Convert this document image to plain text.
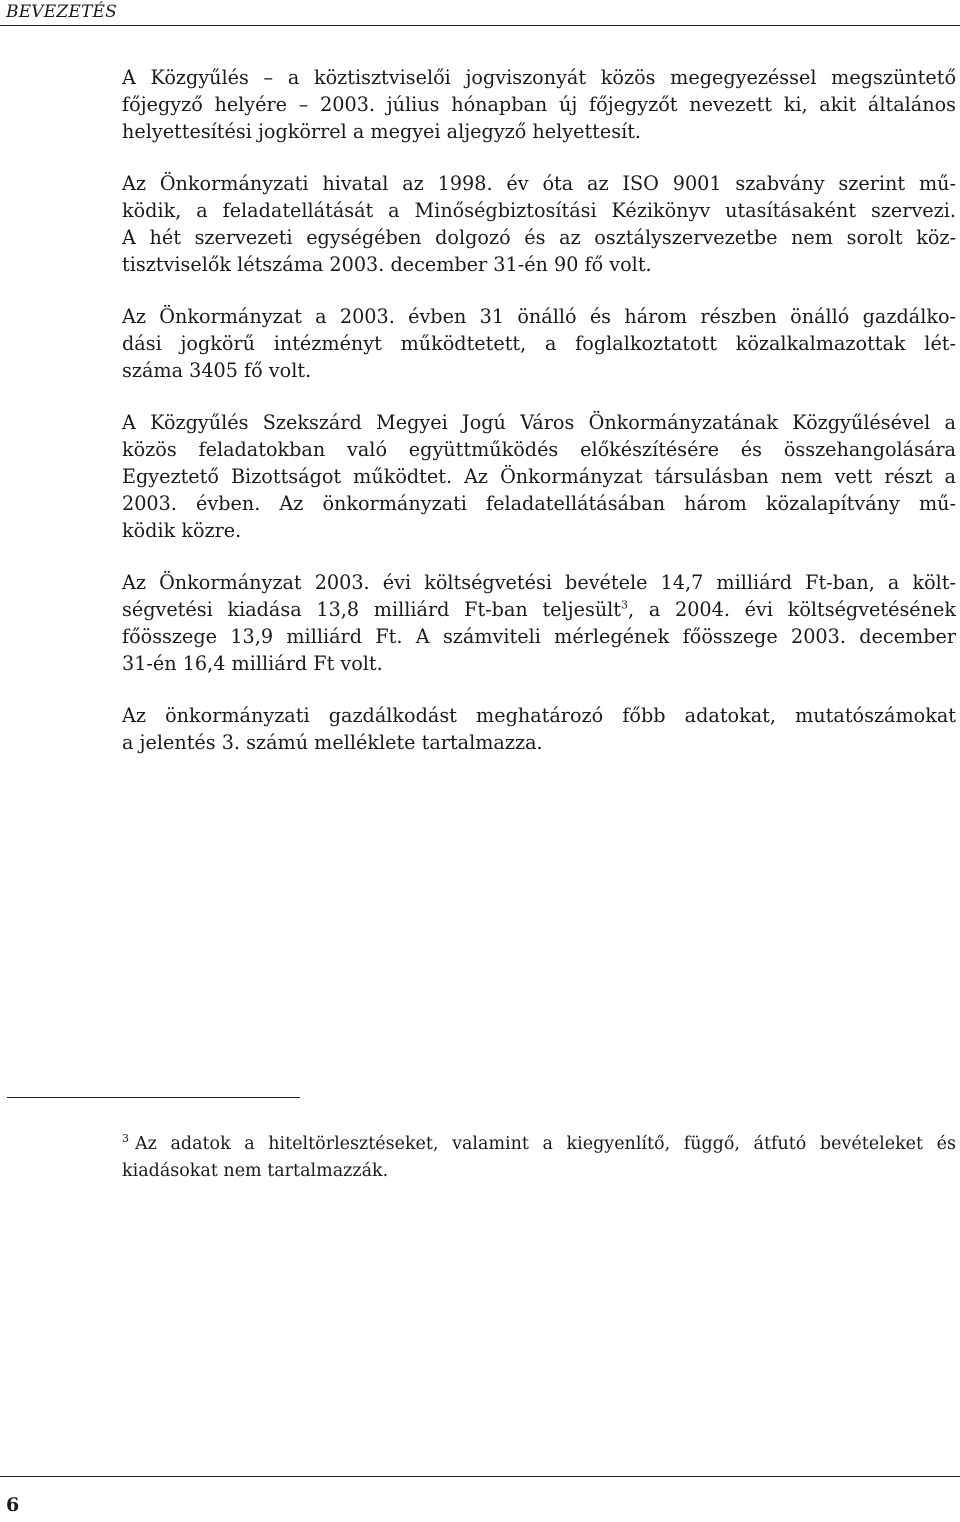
BEVEZETÉS

A Közgyűlés – a köztisztviselői jogviszonyát közös megegyezéssel megszüntető
főjegyző helyére – 2003. július hónapban új főjegyzőt nevezett ki, akit általános
helyettesítési jogkörrel a megyei aljegyző helyettesít.

Az Önkormányzati hivatal az 1998. év óta az ISO 9001 szabvány szerint mű-
ködik, a feladatellátását a Minőségbiztosítási Kézikönyv utasításaként szervezi.
A hét szervezeti egységében dolgozó és az osztályszervezetbe nem sorolt köz-
tisztviselők létszáma 2003. december 31-én 90 fő volt.

Az Önkormányzat a 2003. évben 31 önálló és három részben önálló gazdálko-
dási jogkörű intézményt működtetett, a foglalkoztatott közalkalmazottak lét-
száma 3405 fő volt.

A Közgyűlés Szekszárd Megyei Jogú Város Önkormányzatának Közgyűlésével a
közös feladatokban való együttműködés előkészítésére és összehangolására
Egyeztető Bizottságot működtet. Az Önkormányzat társulásban nem vett részt a
2003. évben. Az önkormányzati feladatellátásában három közalapítvány mű-
ködik közre.

Az Önkormányzat 2003. évi költségvetési bevétele 14,7 milliárd Ft-ban, a költ-
ségvetési kiadása 13,8 milliárd Ft-ban teljesült$^3$, a 2004. évi költségvetésének
főösszege 13,9 milliárd Ft. A számviteli mérlegének főösszege 2003. december
31-én 16,4 milliárd Ft volt.

Az önkormányzati gazdálkodást meghatározó főbb adatokat, mutatószámokat
a jelentés 3. számú melléklete tartalmazza.

$^3$ Az adatok a hiteltörlesztéseket, valamint a kiegyenlítő, függő, átfutó bevételeket és
kiadásokat nem tartalmazzák.
6
